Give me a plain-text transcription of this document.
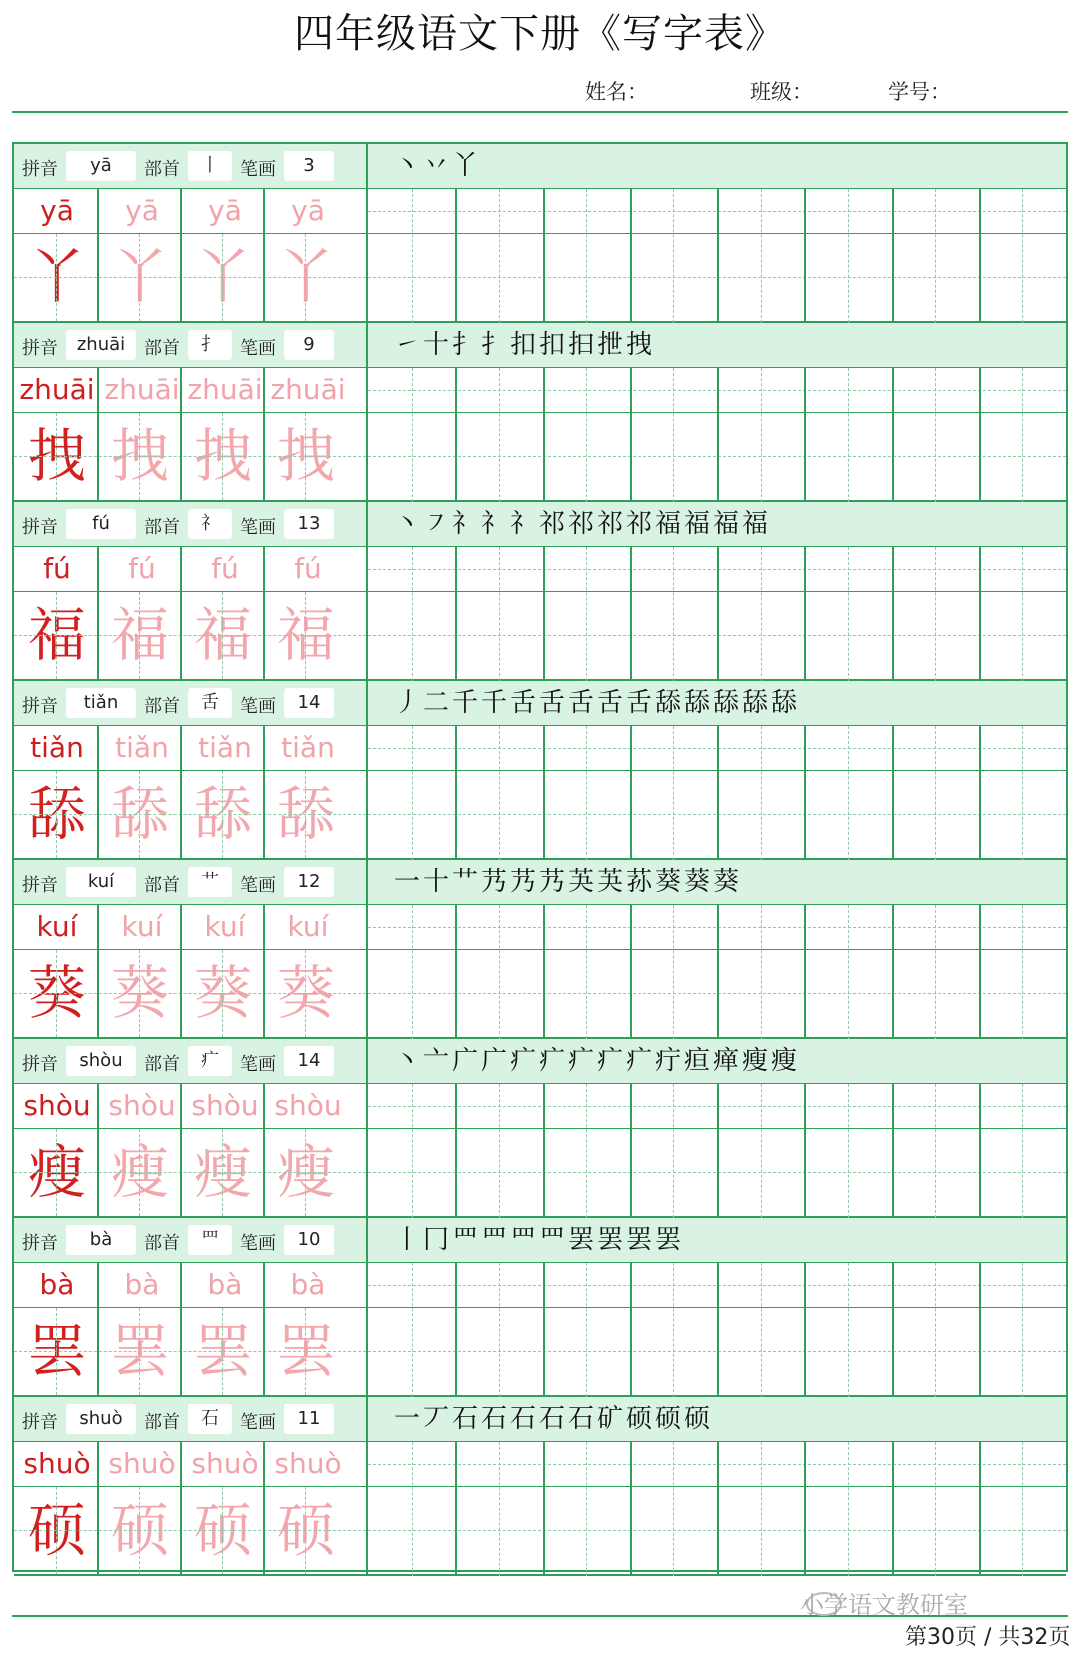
四年级语文下册《写字表》
姓名：	班级：	学号：
拼音	yā	部首	丨	笔画	3	丶 丷 丫
yā	yā	yā	yā
丫 丫 丫 丫
拼音	zhuāi	部首	扌	笔画	9	㇀ 十 扌 扌 扣 扣 抇 抴 拽
zhuāi zhuāi zhuāi zhuāi
拽 拽 拽 拽
拼音	fú	部首	礻	笔画	13	丶 ㇇ 礻 礻 礻 祁 祁 祁 祁 福 福 福 福
fú	fú	fú	fú
福 福 福 福
拼音	tiǎn	部首	舌	笔画	14	丿 二 千 千 舌 舌 舌 舌 舌 舔 舔 舔 舔 舔
tiǎn	tiǎn	tiǎn	tiǎn
舔 舔 舔 舔
拼音	kuí	部首	艹	笔画	12	一 十 艹 艿 艿 艿 芵 芵 荪 葵 葵 葵
kuí	kuí	kuí	kuí
葵 葵 葵 葵
拼音	shòu	部首	疒	笔画	14	丶 亠 广 广 疒 疒 疒 疒 疒 疔 疸 瘅 瘦 瘦
shòu shòu shòu shòu
瘦 瘦 瘦 瘦
拼音	bà	部首	罒	笔画	10	丨 冂 罒 罒 罒 罒 罢 罢 罢 罢
bà	bà	bà	bà
罢 罢 罢 罢
拼音	shuò	部首	石	笔画	11	一 丆 石 石 石 石 石 矿 硕 硕 硕
shuò shuò shuò shuò
硕 硕 硕 硕
小学语文教研室
第30页 / 共32页
